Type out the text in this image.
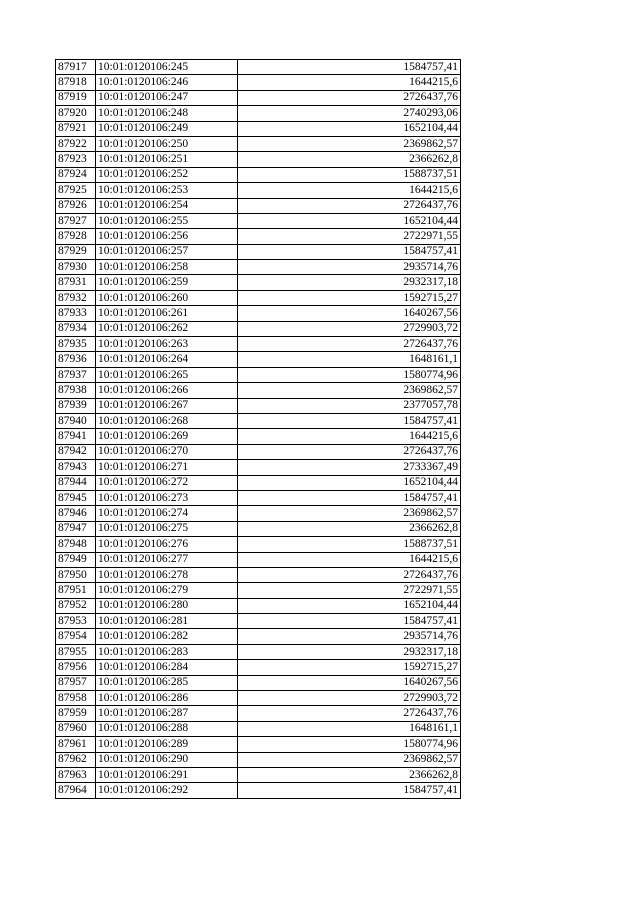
87917	10:01:0120106:245	1584757,41
87918	10:01:0120106:246	1644215,6
87919	10:01:0120106:247	2726437,76
87920	10:01:0120106:248	2740293,06
87921	10:01:0120106:249	1652104,44
87922	10:01:0120106:250	2369862,57
87923	10:01:0120106:251	2366262,8
87924	10:01:0120106:252	1588737,51
87925	10:01:0120106:253	1644215,6
87926	10:01:0120106:254	2726437,76
87927	10:01:0120106:255	1652104,44
87928	10:01:0120106:256	2722971,55
87929	10:01:0120106:257	1584757,41
87930	10:01:0120106:258	2935714,76
87931	10:01:0120106:259	2932317,18
87932	10:01:0120106:260	1592715,27
87933	10:01:0120106:261	1640267,56
87934	10:01:0120106:262	2729903,72
87935	10:01:0120106:263	2726437,76
87936	10:01:0120106:264	1648161,1
87937	10:01:0120106:265	1580774,96
87938	10:01:0120106:266	2369862,57
87939	10:01:0120106:267	2377057,78
87940	10:01:0120106:268	1584757,41
87941	10:01:0120106:269	1644215,6
87942	10:01:0120106:270	2726437,76
87943	10:01:0120106:271	2733367,49
87944	10:01:0120106:272	1652104,44
87945	10:01:0120106:273	1584757,41
87946	10:01:0120106:274	2369862,57
87947	10:01:0120106:275	2366262,8
87948	10:01:0120106:276	1588737,51
87949	10:01:0120106:277	1644215,6
87950	10:01:0120106:278	2726437,76
87951	10:01:0120106:279	2722971,55
87952	10:01:0120106:280	1652104,44
87953	10:01:0120106:281	1584757,41
87954	10:01:0120106:282	2935714,76
87955	10:01:0120106:283	2932317,18
87956	10:01:0120106:284	1592715,27
87957	10:01:0120106:285	1640267,56
87958	10:01:0120106:286	2729903,72
87959	10:01:0120106:287	2726437,76
87960	10:01:0120106:288	1648161,1
87961	10:01:0120106:289	1580774,96
87962	10:01:0120106:290	2369862,57
87963	10:01:0120106:291	2366262,8
87964	10:01:0120106:292	1584757,41
